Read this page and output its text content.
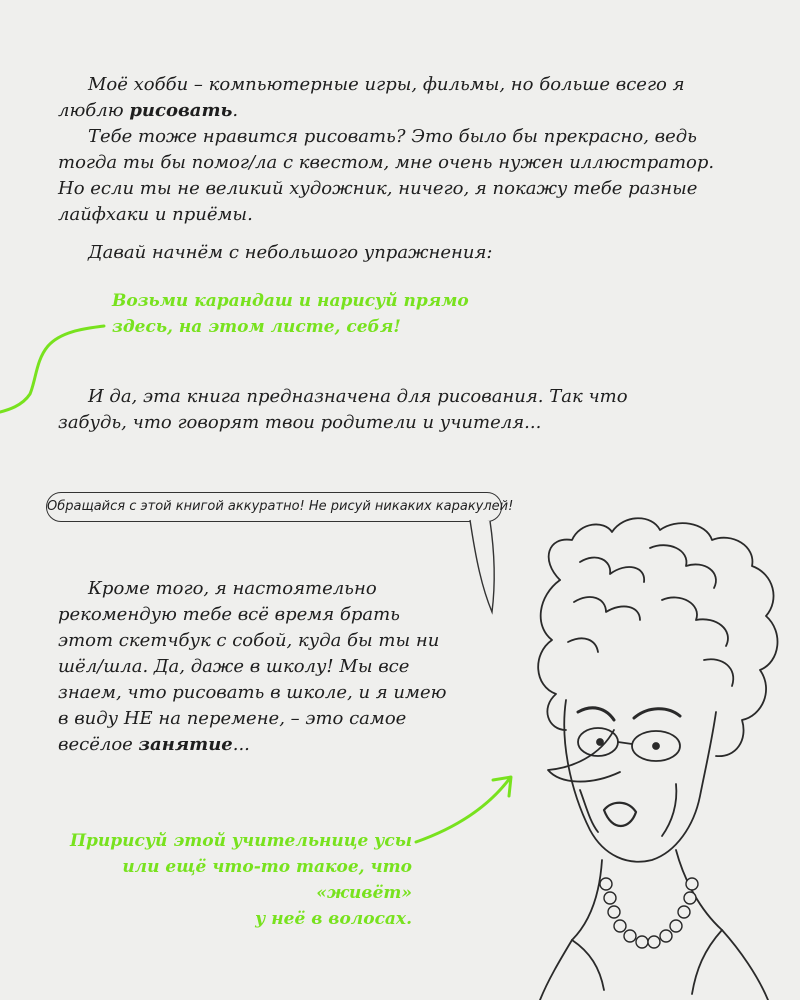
Моё хобби – компьютерные игры, фильмы, но больше всего я люблю рисовать.

Тебе тоже нравится рисовать? Это было бы прекрасно, ведь тогда ты бы помог/ла с квестом, мне очень нужен иллюстратор. Но если ты не великий художник, ничего, я покажу тебе разные лайфхаки и приёмы.

Давай начнём с небольшого упражнения:
Возьми карандаш и нарисуй прямо
здесь, на этом листе, себя!

И да, эта книга предназначена для рисования. Так что забудь, что говорят твои родители и учителя...

Обращайся с этой книгой аккуратно! Не рисуй никаких каракулей!

Кроме того, я настоятельно рекомендую тебе всё время брать этот скетчбук с собой, куда бы ты ни шёл/шла. Да, даже в школу! Мы все знаем, что рисовать в школе, и я имею в виду НЕ на перемене, – это самое весёлое занятие...

Пририсуй этой учительнице усы
или ещё что-то такое, что «живёт»
у неё в волосах.
